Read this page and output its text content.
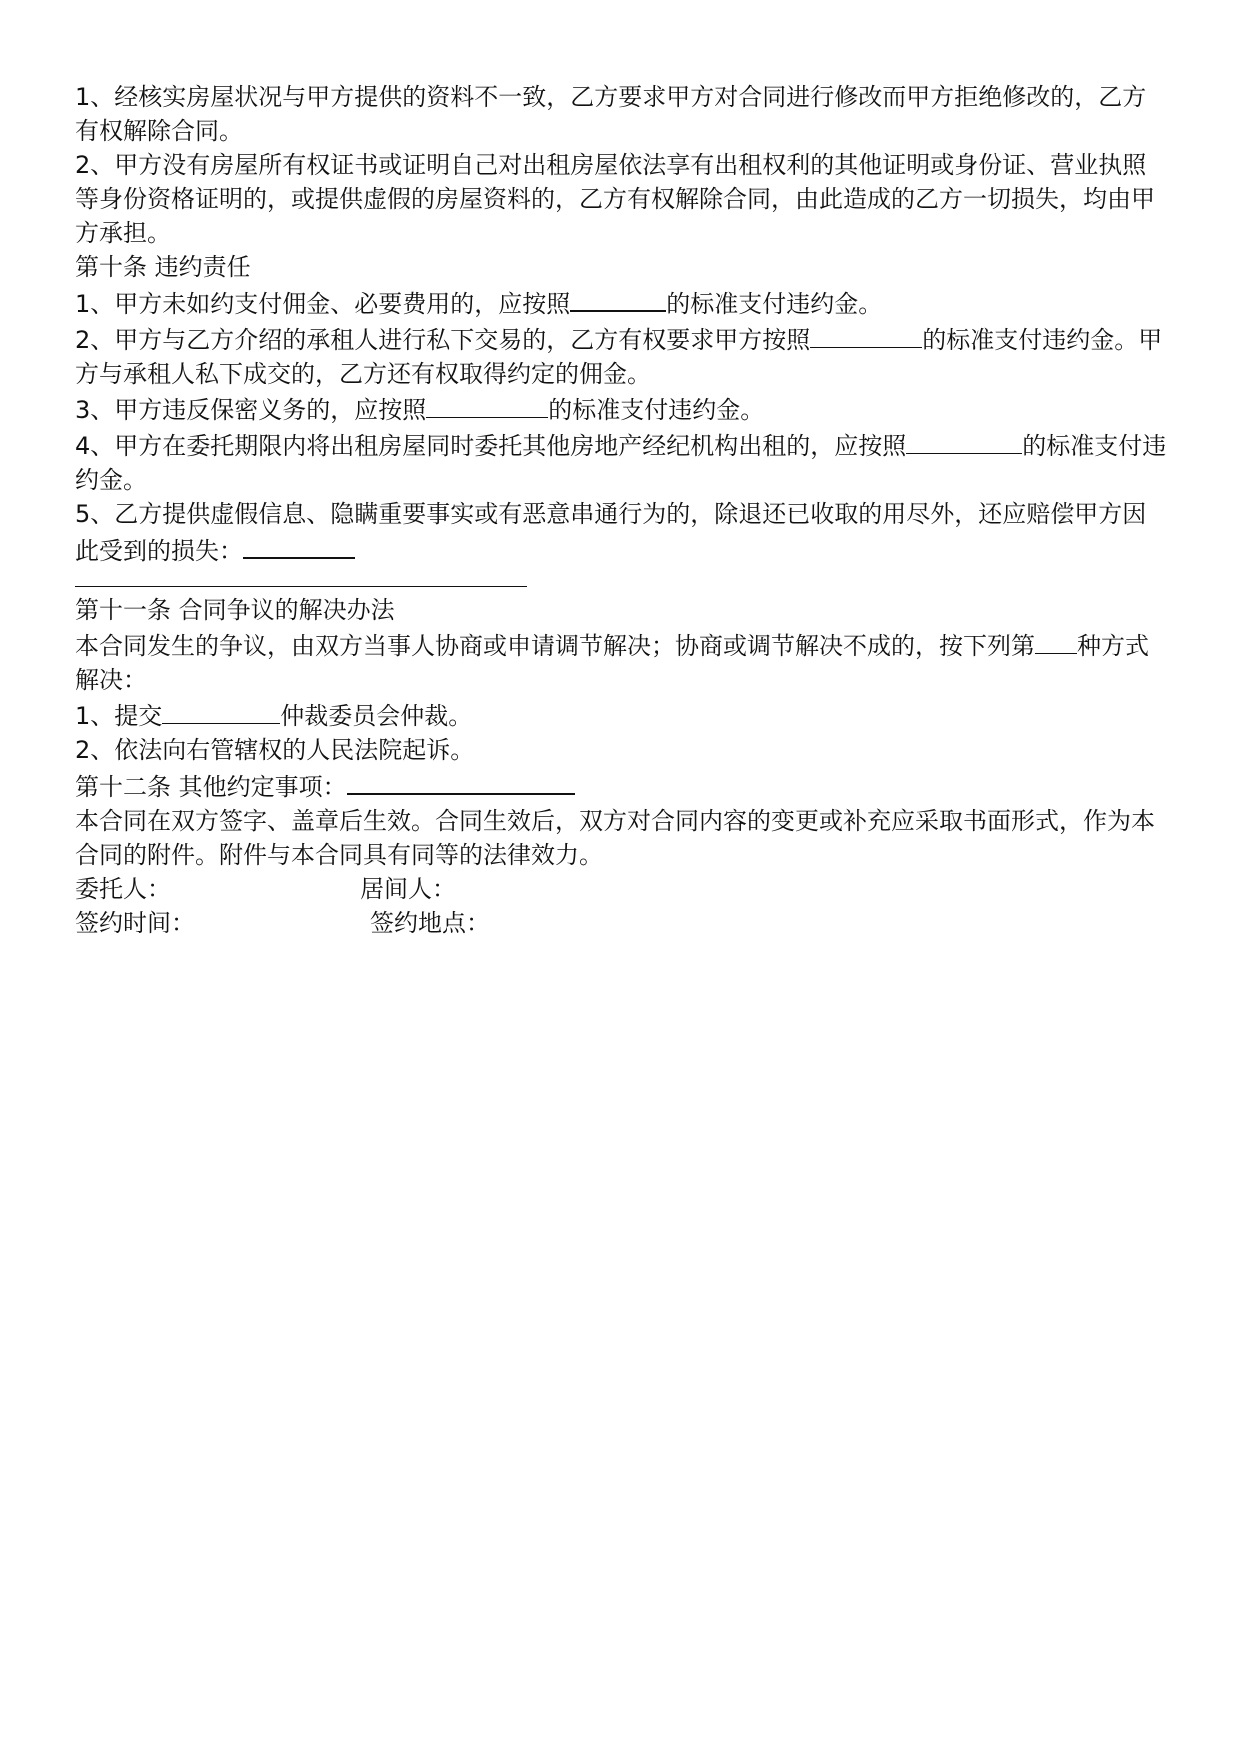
1、经核实房屋状况与甲方提供的资料不一致，乙方要求甲方对合同进行修改而甲方拒绝修改的，乙方有权解除合同。

2、甲方没有房屋所有权证书或证明自己对出租房屋依法享有出租权利的其他证明或身份证、营业执照等身份资格证明的，或提供虚假的房屋资料的，乙方有权解除合同，由此造成的乙方一切损失，均由甲方承担。

第十条 违约责任

1、甲方未如约支付佣金、必要费用的，应按照	的标准支付违约金。

2、甲方与乙方介绍的承租人进行私下交易的，乙方有权要求甲方按照	的标准支付违约金。甲方与承租人私下成交的，乙方还有权取得约定的佣金。

3、甲方违反保密义务的，应按照	的标准支付违约金。

4、甲方在委托期限内将出租房屋同时委托其他房地产经纪机构出租的，应按照	的标准支付违约金。

5、乙方提供虚假信息、隐瞒重要事实或有恶意串通行为的，除退还已收取的用尽外，还应赔偿甲方因此受到的损失：

第十一条 合同争议的解决办法

本合同发生的争议，由双方当事人协商或申请调节解决；协商或调节解决不成的，按下列第 种方式解决：

1、提交	仲裁委员会仲裁。

2、依法向右管辖权的人民法院起诉。

第十二条 其他约定事项：

本合同在双方签字、盖章后生效。合同生效后，双方对合同内容的变更或补充应采取书面形式，作为本合同的附件。附件与本合同具有同等的法律效力。

委托人：	居间人：
签约时间：	签约地点：
